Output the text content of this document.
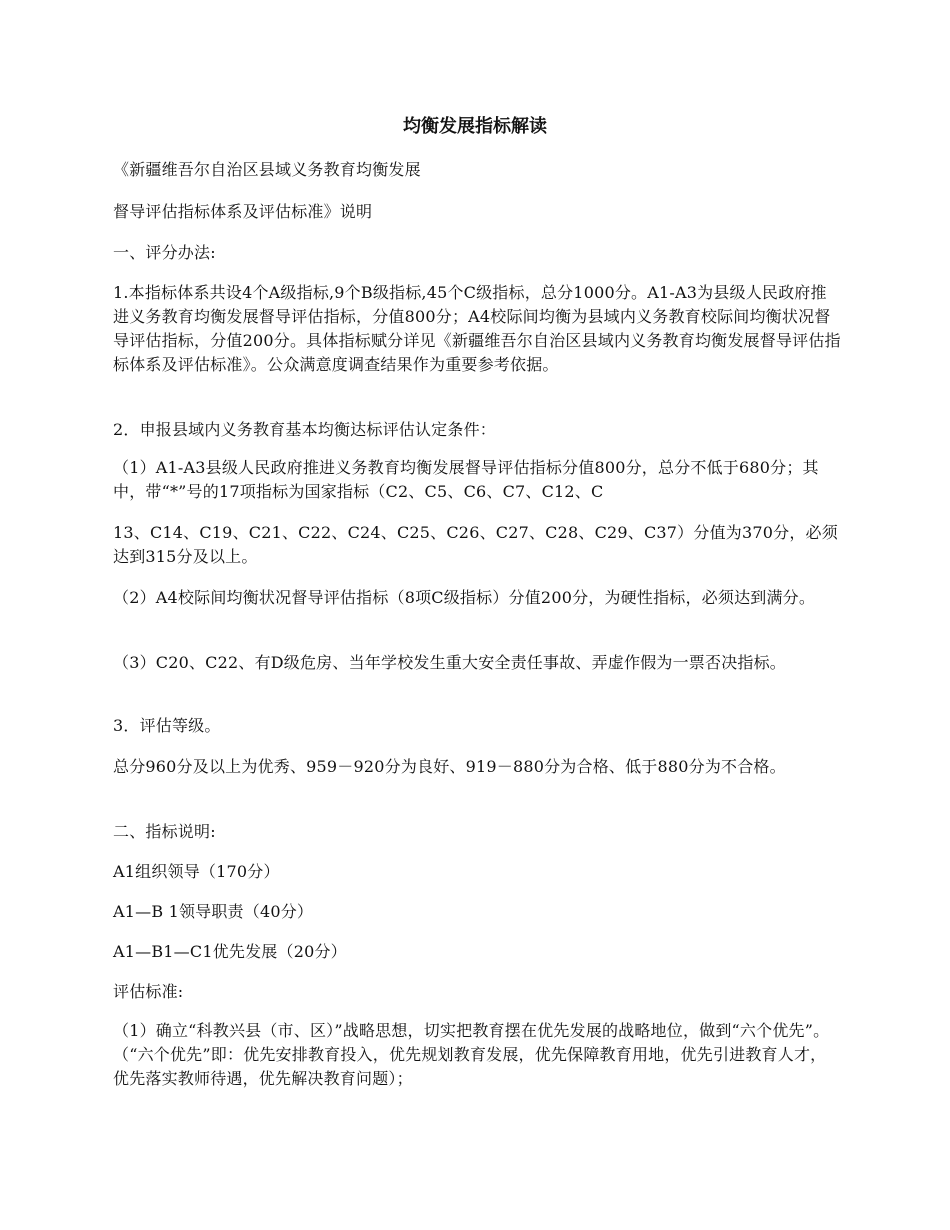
均衡发展指标解读

《新疆维吾尔自治区县域义务教育均衡发展

督导评估指标体系及评估标准》说明

一、评分办法:

1.本指标体系共设4个A级指标,9个B级指标,45个C级指标，总分1000分。A1-A3为县级人民政府推进义务教育均衡发展督导评估指标，分值800分；A4校际间均衡为县域内义务教育校际间均衡状况督导评估指标，分值200分。具体指标赋分详见《新疆维吾尔自治区县域内义务教育均衡发展督导评估指标体系及评估标准》。公众满意度调查结果作为重要参考依据。

2．申报县域内义务教育基本均衡达标评估认定条件：

（1）A1-A3县级人民政府推进义务教育均衡发展督导评估指标分值800分，总分不低于680分；其中，带“*”号的17项指标为国家指标（C2、C5、C6、C7、C12、C

13、C14、C19、C21、C22、C24、C25、C26、C27、C28、C29、C37）分值为370分，必须达到315分及以上。

（2）A4校际间均衡状况督导评估指标（8项C级指标）分值200分，为硬性指标，必须达到满分。

（3）C20、C22、有D级危房、当年学校发生重大安全责任事故、弄虚作假为一票否决指标。

3．评估等级。

总分960分及以上为优秀、959－920分为良好、919－880分为合格、低于880分为不合格。

二、指标说明:

A1组织领导（170分）

A1—B 1领导职责（40分）

A1—B1—C1优先发展（20分）

评估标准:

（1）确立“科教兴县（市、区）”战略思想，切实把教育摆在优先发展的战略地位，做到“六个优先”。（“六个优先”即：优先安排教育投入，优先规划教育发展，优先保障教育用地，优先引进教育人才，优先落实教师待遇，优先解决教育问题）；
